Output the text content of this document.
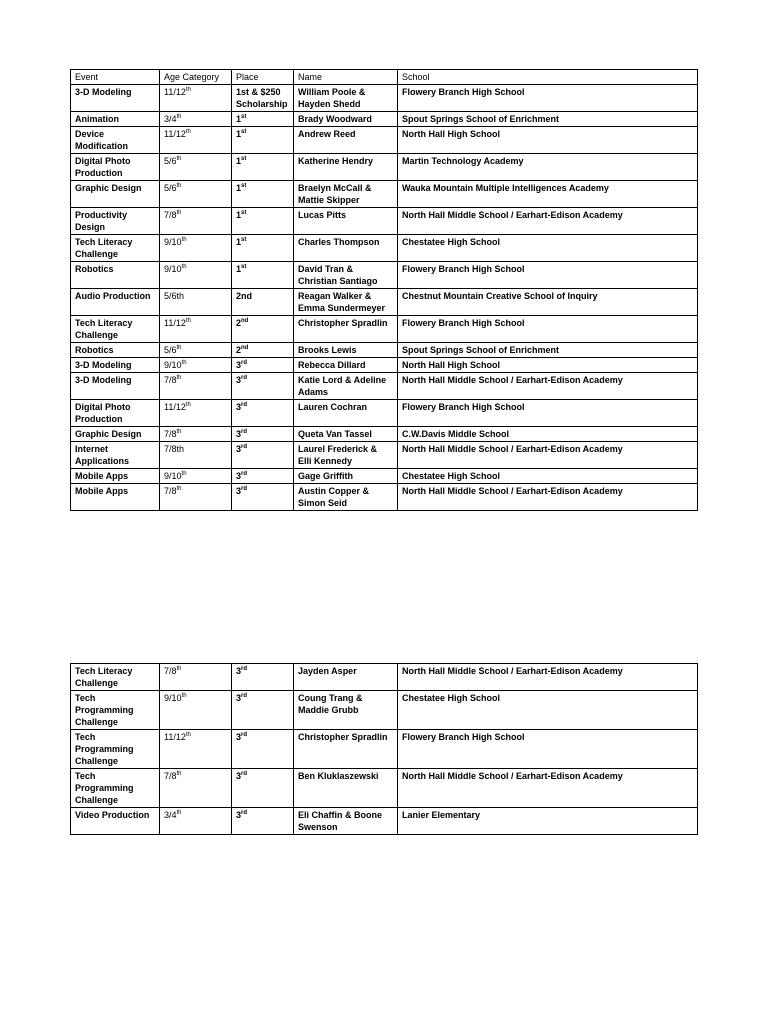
Event	Age Category	Place	Name	School
3-D Modeling	11/12th	1st & $250 Scholarship	William Poole & Hayden Shedd	Flowery Branch High School
Animation	3/4th	1st	Brady Woodward	Spout Springs School of Enrichment
Device Modification	11/12th	1st	Andrew Reed	North Hall High School
Digital Photo Production	5/6th	1st	Katherine Hendry	Martin Technology Academy
Graphic Design	5/6th	1st	Braelyn McCall & Mattie Skipper	Wauka Mountain Multiple Intelligences Academy
Productivity Design	7/8th	1st	Lucas Pitts	North Hall Middle School / Earhart-Edison Academy
Tech Literacy Challenge	9/10th	1st	Charles Thompson	Chestatee High School
Robotics	9/10th	1st	David Tran & Christian Santiago	Flowery Branch High School
Audio Production	5/6th	2nd	Reagan Walker & Emma Sundermeyer	Chestnut Mountain Creative School of Inquiry
Tech Literacy Challenge	11/12th	2nd	Christopher Spradlin	Flowery Branch High School
Robotics	5/6th	2nd	Brooks Lewis	Spout Springs School of Enrichment
3-D Modeling	9/10th	3rd	Rebecca Dillard	North Hall High School
3-D Modeling	7/8th	3rd	Katie Lord & Adeline Adams	North Hall Middle School / Earhart-Edison Academy
Digital Photo Production	11/12th	3rd	Lauren Cochran	Flowery Branch High School
Graphic Design	7/8th	3rd	Queta Van Tassel	C.W.Davis Middle School
Internet Applications	7/8th	3rd	Laurel Frederick & Elli Kennedy	North Hall Middle School / Earhart-Edison Academy
Mobile Apps	9/10th	3rd	Gage Griffith	Chestatee High School
Mobile Apps	7/8th	3rd	Austin Copper & Simon Seid	North Hall Middle School / Earhart-Edison Academy
Tech Literacy Challenge	7/8th	3rd	Jayden Asper	North Hall Middle School / Earhart-Edison Academy
Tech Programming Challenge	9/10th	3rd	Coung Trang & Maddie Grubb	Chestatee High School
Tech Programming Challenge	11/12th	3rd	Christopher Spradlin	Flowery Branch High School
Tech Programming Challenge	7/8th	3rd	Ben Kluklaszewski	North Hall Middle School / Earhart-Edison Academy
Video Production	3/4th	3rd	Eli Chaffin & Boone Swenson	Lanier Elementary
